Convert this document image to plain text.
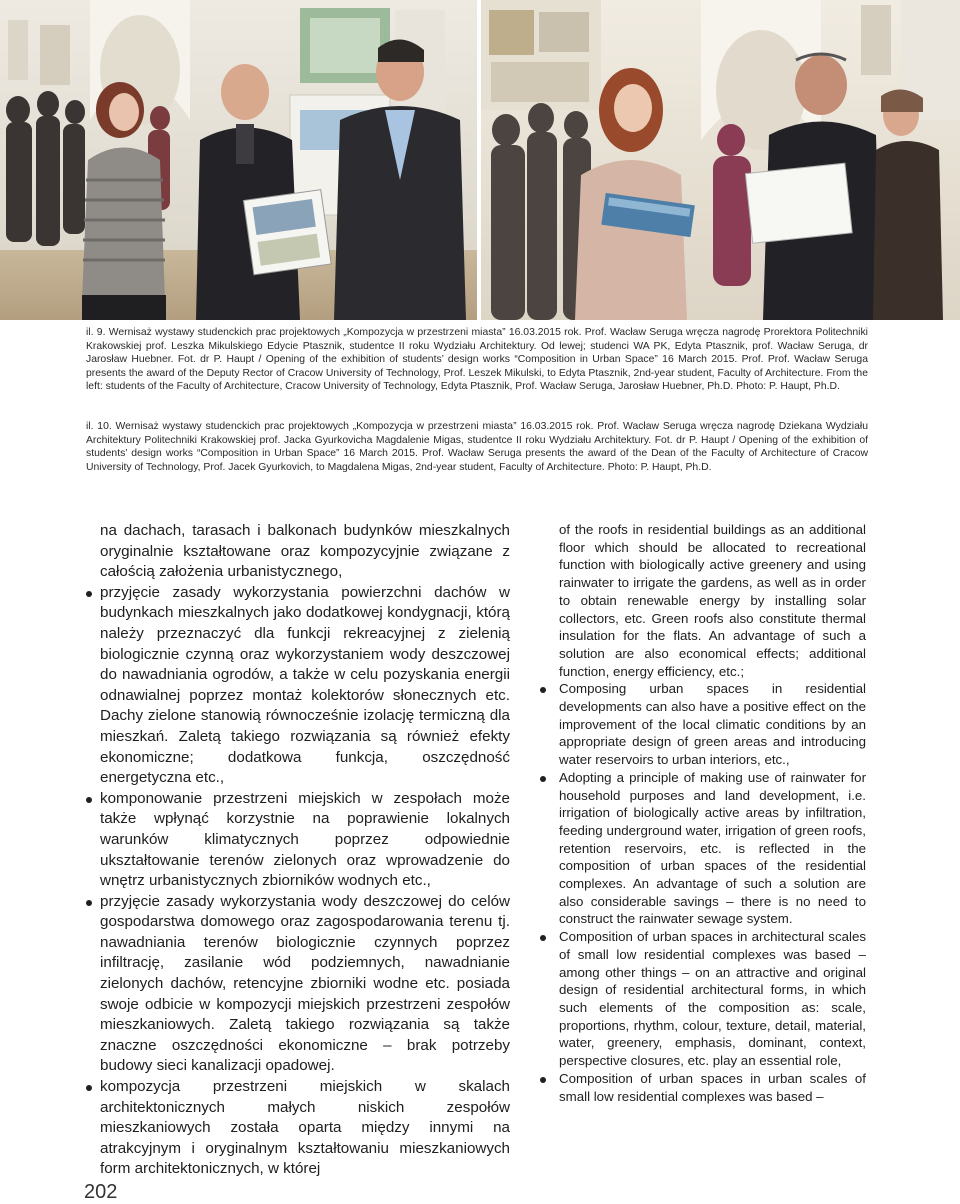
il. 9. Wernisaż wystawy studenckich prac projektowych „Kompozycja w przestrzeni miasta” 16.03.2015 rok. Prof. Wacław Seruga wręcza nagrodę Prorektora Politechniki Krakowskiej prof. Leszka Mikulskiego Edycie Ptasznik, studentce II roku Wydziału Architektury. Od lewej; studenci WA PK, Edyta Ptasznik, prof. Wacław Seruga, dr Jarosław Huebner. Fot. dr P. Haupt / Opening of the exhibition of students’ design works “Composition in Urban Space” 16 March 2015. Prof. Prof. Wacław Seruga presents the award of the Deputy Rector of Cracow University of Technology, Prof. Leszek Mikulski, to Edyta Ptasznik, 2nd-year student, Faculty of Architecture. From the left: students of the Faculty of Architecture, Cracow University of Technology, Edyta Ptasznik, Prof. Wacław Seruga, Jarosław Huebner, Ph.D. Photo: P. Haupt, Ph.D.
il. 10. Wernisaż wystawy studenckich prac projektowych „Kompozycja w przestrzeni miasta” 16.03.2015 rok. Prof. Wacław Seruga wręcza nagrodę Dziekana Wydziału Architektury Politechniki Krakowskiej prof. Jacka Gyurkovicha Magdalenie Migas, studentce II roku Wydziału Architektury. Fot. dr P. Haupt / Opening of the exhibition of students’ design works “Composition in Urban Space” 16 March 2015. Prof. Wacław Seruga presents the award of the Dean of the Faculty of Architecture of Cracow University of Technology, Prof. Jacek Gyurkovich, to Magdalena Migas, 2nd-year student, Faculty of Architecture. Photo: P. Haupt, Ph.D.

na dachach, tarasach i balkonach budynków mieszkalnych oryginalnie kształtowane oraz kompozycyjnie związane z całością założenia urbanistycznego,

przyjęcie zasady wykorzystania powierzchni dachów w budynkach mieszkalnych jako dodatkowej kondygnacji, którą należy przeznaczyć dla funkcji rekreacyjnej z zielenią biologicznie czynną oraz wykorzystaniem wody deszczowej do nawadniania ogrodów, a także w celu pozyskania energii odnawialnej poprzez montaż kolektorów słonecznych etc. Dachy zielone stanowią równocześnie izolację termiczną dla mieszkań. Zaletą takiego rozwiązania są również efekty ekonomiczne; dodatkowa funkcja, oszczędność energetyczna etc.,
komponowanie przestrzeni miejskich w zespołach może także wpłynąć korzystnie na poprawienie lokalnych warunków klimatycznych poprzez odpowiednie ukształtowanie terenów zielonych oraz wprowadzenie do wnętrz urbanistycznych zbiorników wodnych etc.,
przyjęcie zasady wykorzystania wody deszczowej do celów gospodarstwa domowego oraz zagospodarowania terenu tj. nawadniania terenów biologicznie czynnych poprzez infiltrację, zasilanie wód podziemnych, nawadnianie zielonych dachów, retencyjne zbiorniki wodne etc. posiada swoje odbicie w kompozycji miejskich przestrzeni zespołów mieszkaniowych. Zaletą takiego rozwiązania są także znaczne oszczędności ekonomiczne – brak potrzeby budowy sieci kanalizacji opadowej.
kompozycja przestrzeni miejskich w skalach architektonicznych małych niskich zespołów mieszkaniowych została oparta między innymi na atrakcyjnym i oryginalnym kształtowaniu mieszkaniowych form architektonicznych, w której

of the roofs in residential buildings as an additional floor which should be allocated to recreational function with biologically active greenery and using rainwater to irrigate the gardens, as well as in order to obtain renewable energy by installing solar collectors, etc. Green roofs also constitute thermal insulation for the flats. An advantage of such a solution are also economical effects; additional function, energy efficiency, etc.;

Composing urban spaces in residential developments can also have a positive effect on the improvement of the local climatic conditions by an appropriate design of green areas and introducing water reservoirs to urban interiors, etc.,
Adopting a principle of making use of rainwater for household purposes and land development, i.e. irrigation of biologically active areas by infiltration, feeding underground water, irrigation of green roofs, retention reservoirs, etc. is reflected in the composition of urban spaces of the residential complexes. An advantage of such a solution are also considerable savings – there is no need to construct the rainwater sewage system.
Composition of urban spaces in architectural scales of small low residential complexes was based – among other things – on an attractive and original design of residential architectural forms, in which such elements of the composition as: scale, proportions, rhythm, colour, texture, detail, material, water, greenery, emphasis, dominant, context, perspective closures, etc. play an essential role,
Composition of urban spaces in urban scales of small low residential complexes was based –
202
